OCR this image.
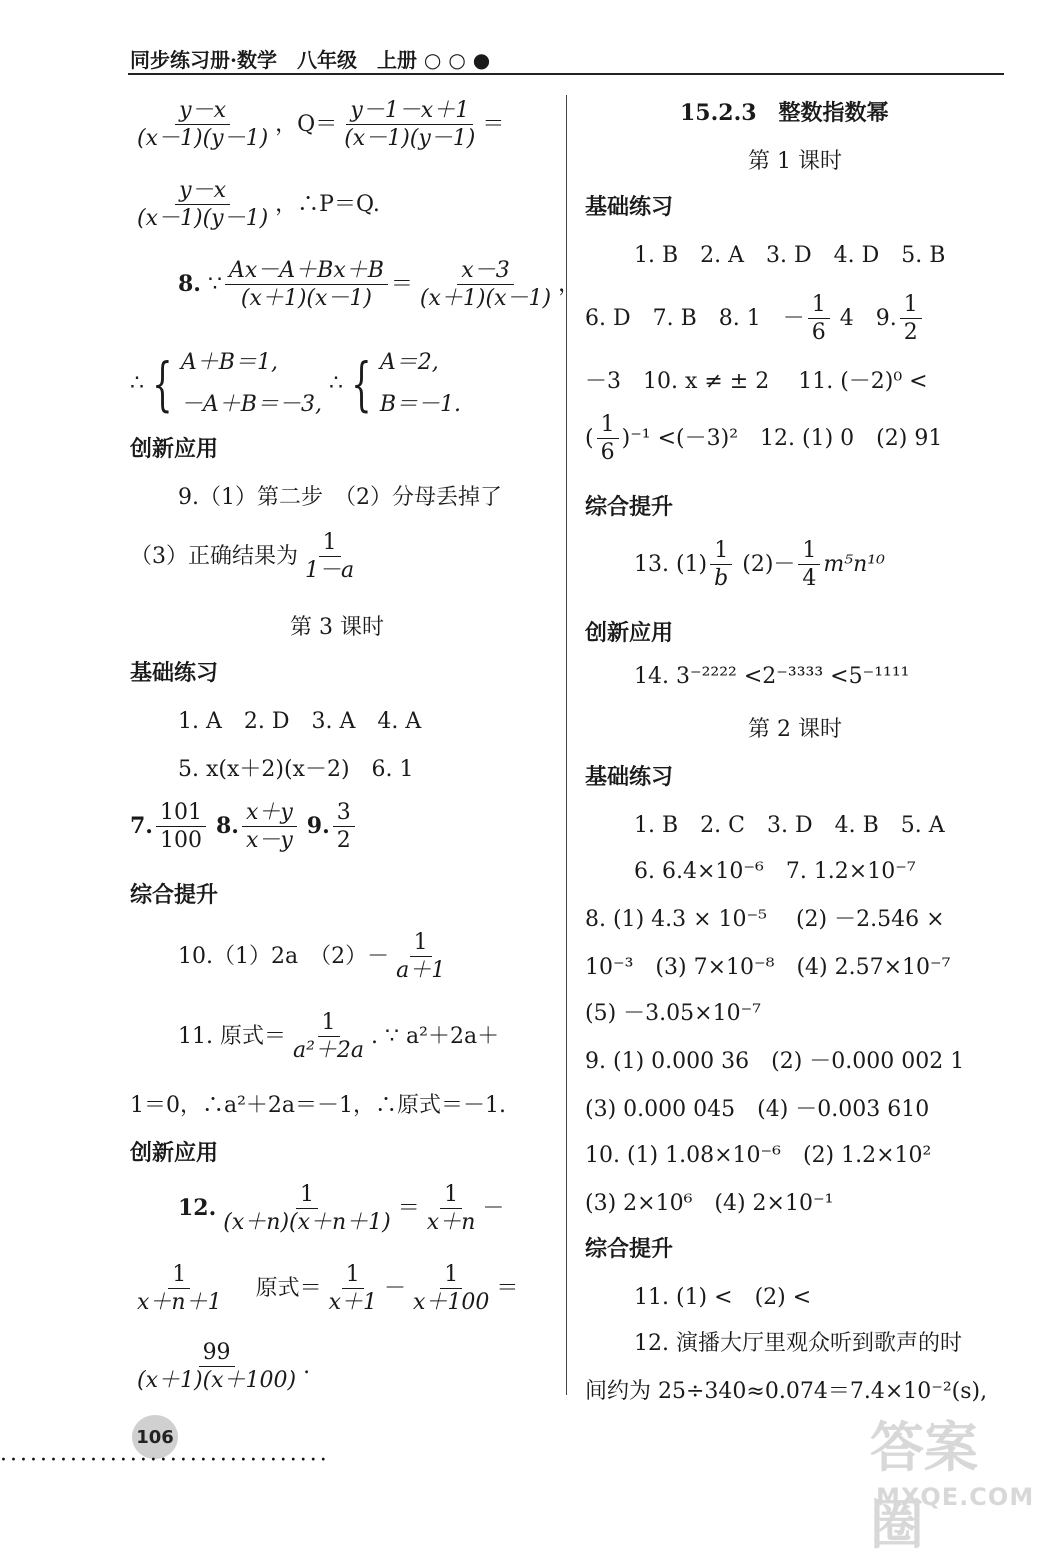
同步练习册·数学　八年级　上册 ○ ○ ●
$\frac{y-x}{(x-1)(y-1)}$ ，$Q= \frac{y-1-x+1}{(x-1)(y-1)}$ ＝
$\frac{y-x}{(x-1)(y-1)}$ ，∴P＝Q.
8. ∵ $\frac{Ax-A+Bx+B}{(x+1)(x-1)} = \frac{x-3}{(x+1)(x-1)}$ ，
∴ { A＋B＝1,
－A＋B＝－3,
∴ { A＝2,
B＝－1.
创新应用
9.（1）第二步　（2）分母丢掉了
（3）正确结果为 $\frac{1}{1-a}$
第 3 课时
基础练习
1. A　2. D　3. A　4. A
5. x(x＋2)(x－2)　6. 1
7. $\frac{101}{100} 8$. $\frac{x+y}{x-y} 9$. $\frac{3}{2}$
综合提升
10.（1）2a　$(2)- \frac{1}{a+1}$
11. 原式＝ $\frac{1}{\text{a²＋2a}}$ . ∵ a²＋2a＋
1＝0，∴a²＋2a＝－1，∴原式＝－1.
创新应用
12. $\frac{1}{(x+n)(x+n+1)} = \frac{1}{x+n}$ －
$\frac{1}{x+n+1}$ 原式＝ $\frac{1}{x+1} - \frac{1}{x+100}$ ＝
$\frac{99}{(x+1)(x+100)}$ .
15.2.3　整数指数幂
第 1 课时
基础练习
1. B　2. A　3. D　4. D　5. B
6. D　7. B　8. 1　－ $\frac{1}{6} 4$　9. $\frac{1}{2}$
－3　10. x ≠ ± 2　 11. (－2)⁰ <
( $\frac{1}{6} )^{-1} <(-3)^2$　12. (1) 0　(2) 91
综合提升
13. $(1) \frac{1}{b} (2)- \frac{1}{4} m^5n^{10}$
创新应用
14. 3⁻²²²² <2⁻³³³³ <5⁻¹¹¹¹
第 2 课时
基础练习
1. B　2. C　3. D　4. B　5. A
6. 6.4×10⁻⁶　7. 1.2×10⁻⁷
8. (1) 4.3 × 10⁻⁵　 (2) －2.546 ×
10⁻³　(3) 7×10⁻⁸　(4) 2.57×10⁻⁷
(5) －3.05×10⁻⁷
9. (1) 0.000 36　(2) －0.000 002 1
(3) 0.000 045　(4) －0.003 610
10. (1) 1.08×10⁻⁶　(2) 1.2×10²
(3) 2×10⁶　(4) 2×10⁻¹
综合提升
11. (1) <　(2) <
12. 演播大厅里观众听到歌声的时
间约为 25÷340≈0.074＝7.4×10⁻²(s),
106
·································	答案圈
MXQE.COM
